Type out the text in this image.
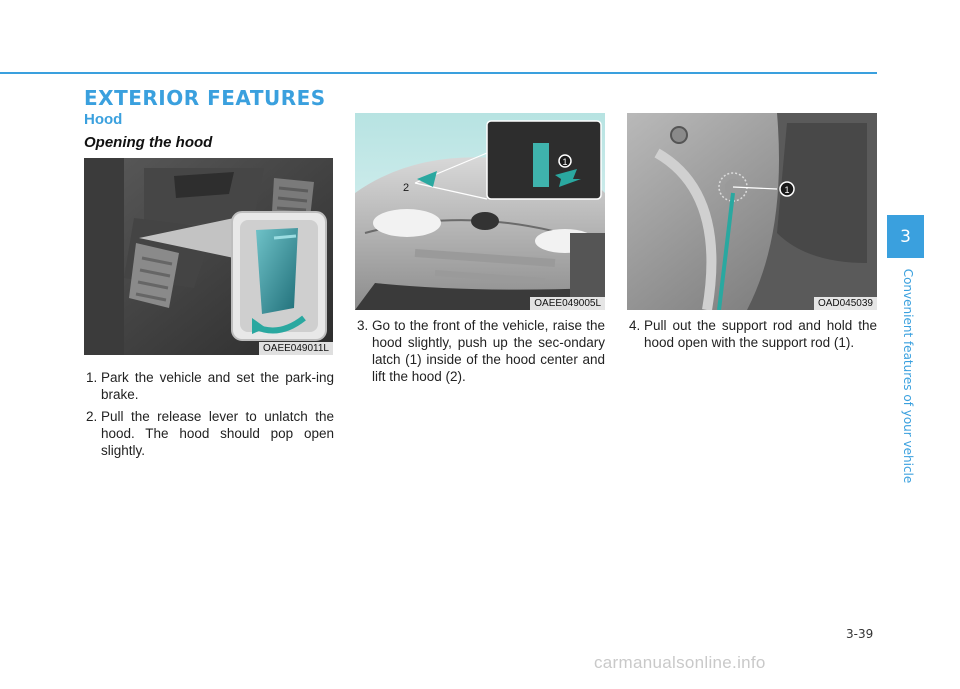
EXTERIOR FEATURES
Hood
Opening the hood
OAEE049011L
1
2
OAEE049005L
1
OAD045039
1. Park the vehicle and set the park-ing brake.
2. Pull the release lever to unlatch the hood. The hood should pop open slightly.
3. Go to the front of the vehicle, raise the hood slightly, push up the sec-ondary latch (1) inside of the hood center and lift the hood (2).
4. Pull out the support rod and hold the hood open with the support rod (1).
3
Convenient features of your vehicle
3-39
carmanualsonline.info
